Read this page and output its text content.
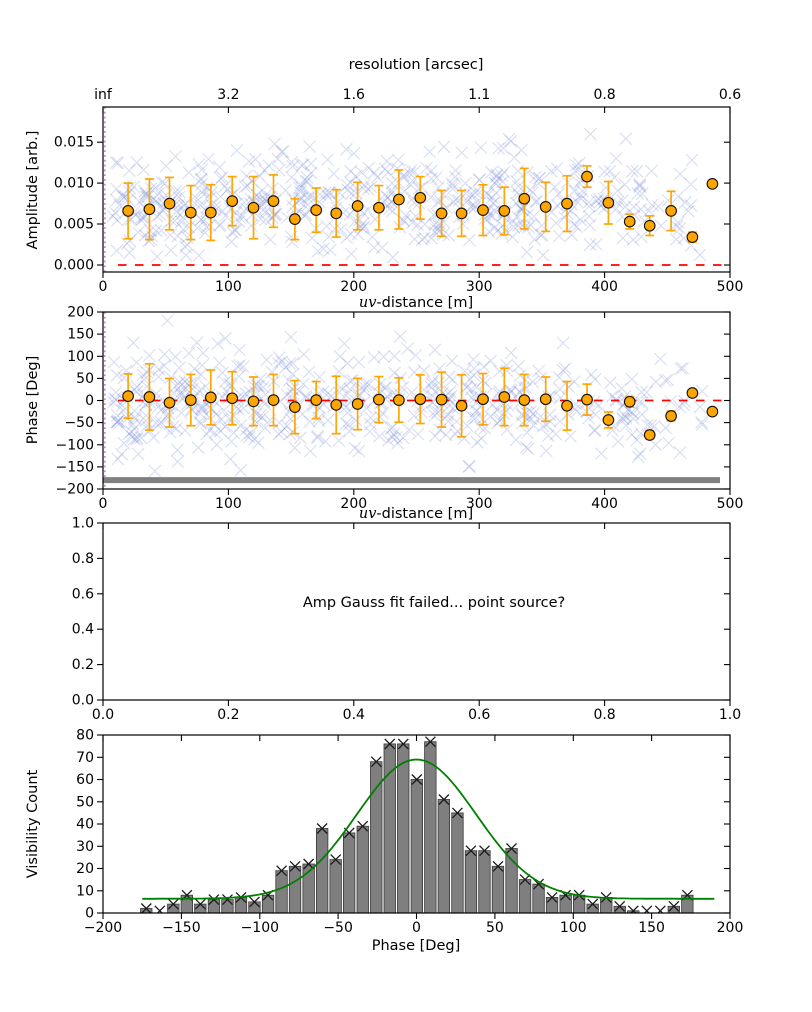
resolution [arcsec]
Amplitude [arb.]
uv-distance [m]
Phase [Deg]
uv-distance [m]
Amp Gauss fit failed... point source?
Visibility Count
Phase [Deg]
0	100	200	300	400	500
0.000
0.005
0.010
0.015
inf	3.2	1.6	1.1	0.8	0.6
0	100	200	300	400	500
200
150
100
50
0
−50
−100
−150
−200
0.0	0.2	0.4	0.6	0.8	1.0
1.0
0.8
0.6
0.4
0.2
0.0
−200	−150	−100	−50	0	50	100	150	200
0
10
20
30
40
50
60
70
80
